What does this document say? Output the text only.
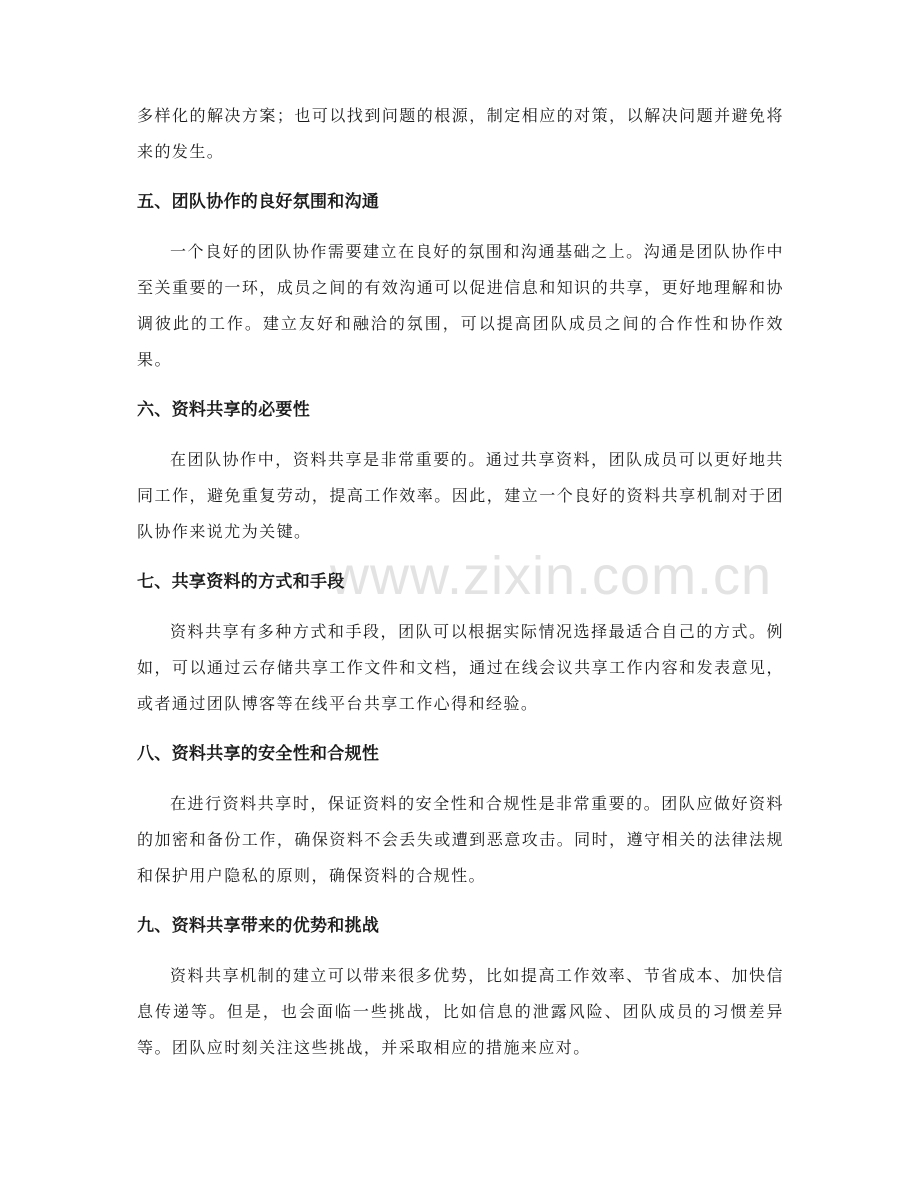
www.zixin.com.cn

多样化的解决方案；也可以找到问题的根源，制定相应的对策，以解决问题并避免将来的发生。

五、团队协作的良好氛围和沟通

一个良好的团队协作需要建立在良好的氛围和沟通基础之上。沟通是团队协作中至关重要的一环，成员之间的有效沟通可以促进信息和知识的共享，更好地理解和协调彼此的工作。建立友好和融洽的氛围，可以提高团队成员之间的合作性和协作效果。

六、资料共享的必要性

在团队协作中，资料共享是非常重要的。通过共享资料，团队成员可以更好地共同工作，避免重复劳动，提高工作效率。因此，建立一个良好的资料共享机制对于团队协作来说尤为关键。

七、共享资料的方式和手段

资料共享有多种方式和手段，团队可以根据实际情况选择最适合自己的方式。例如，可以通过云存储共享工作文件和文档，通过在线会议共享工作内容和发表意见，或者通过团队博客等在线平台共享工作心得和经验。

八、资料共享的安全性和合规性

在进行资料共享时，保证资料的安全性和合规性是非常重要的。团队应做好资料的加密和备份工作，确保资料不会丢失或遭到恶意攻击。同时，遵守相关的法律法规和保护用户隐私的原则，确保资料的合规性。

九、资料共享带来的优势和挑战

资料共享机制的建立可以带来很多优势，比如提高工作效率、节省成本、加快信息传递等。但是，也会面临一些挑战，比如信息的泄露风险、团队成员的习惯差异等。团队应时刻关注这些挑战，并采取相应的措施来应对。
